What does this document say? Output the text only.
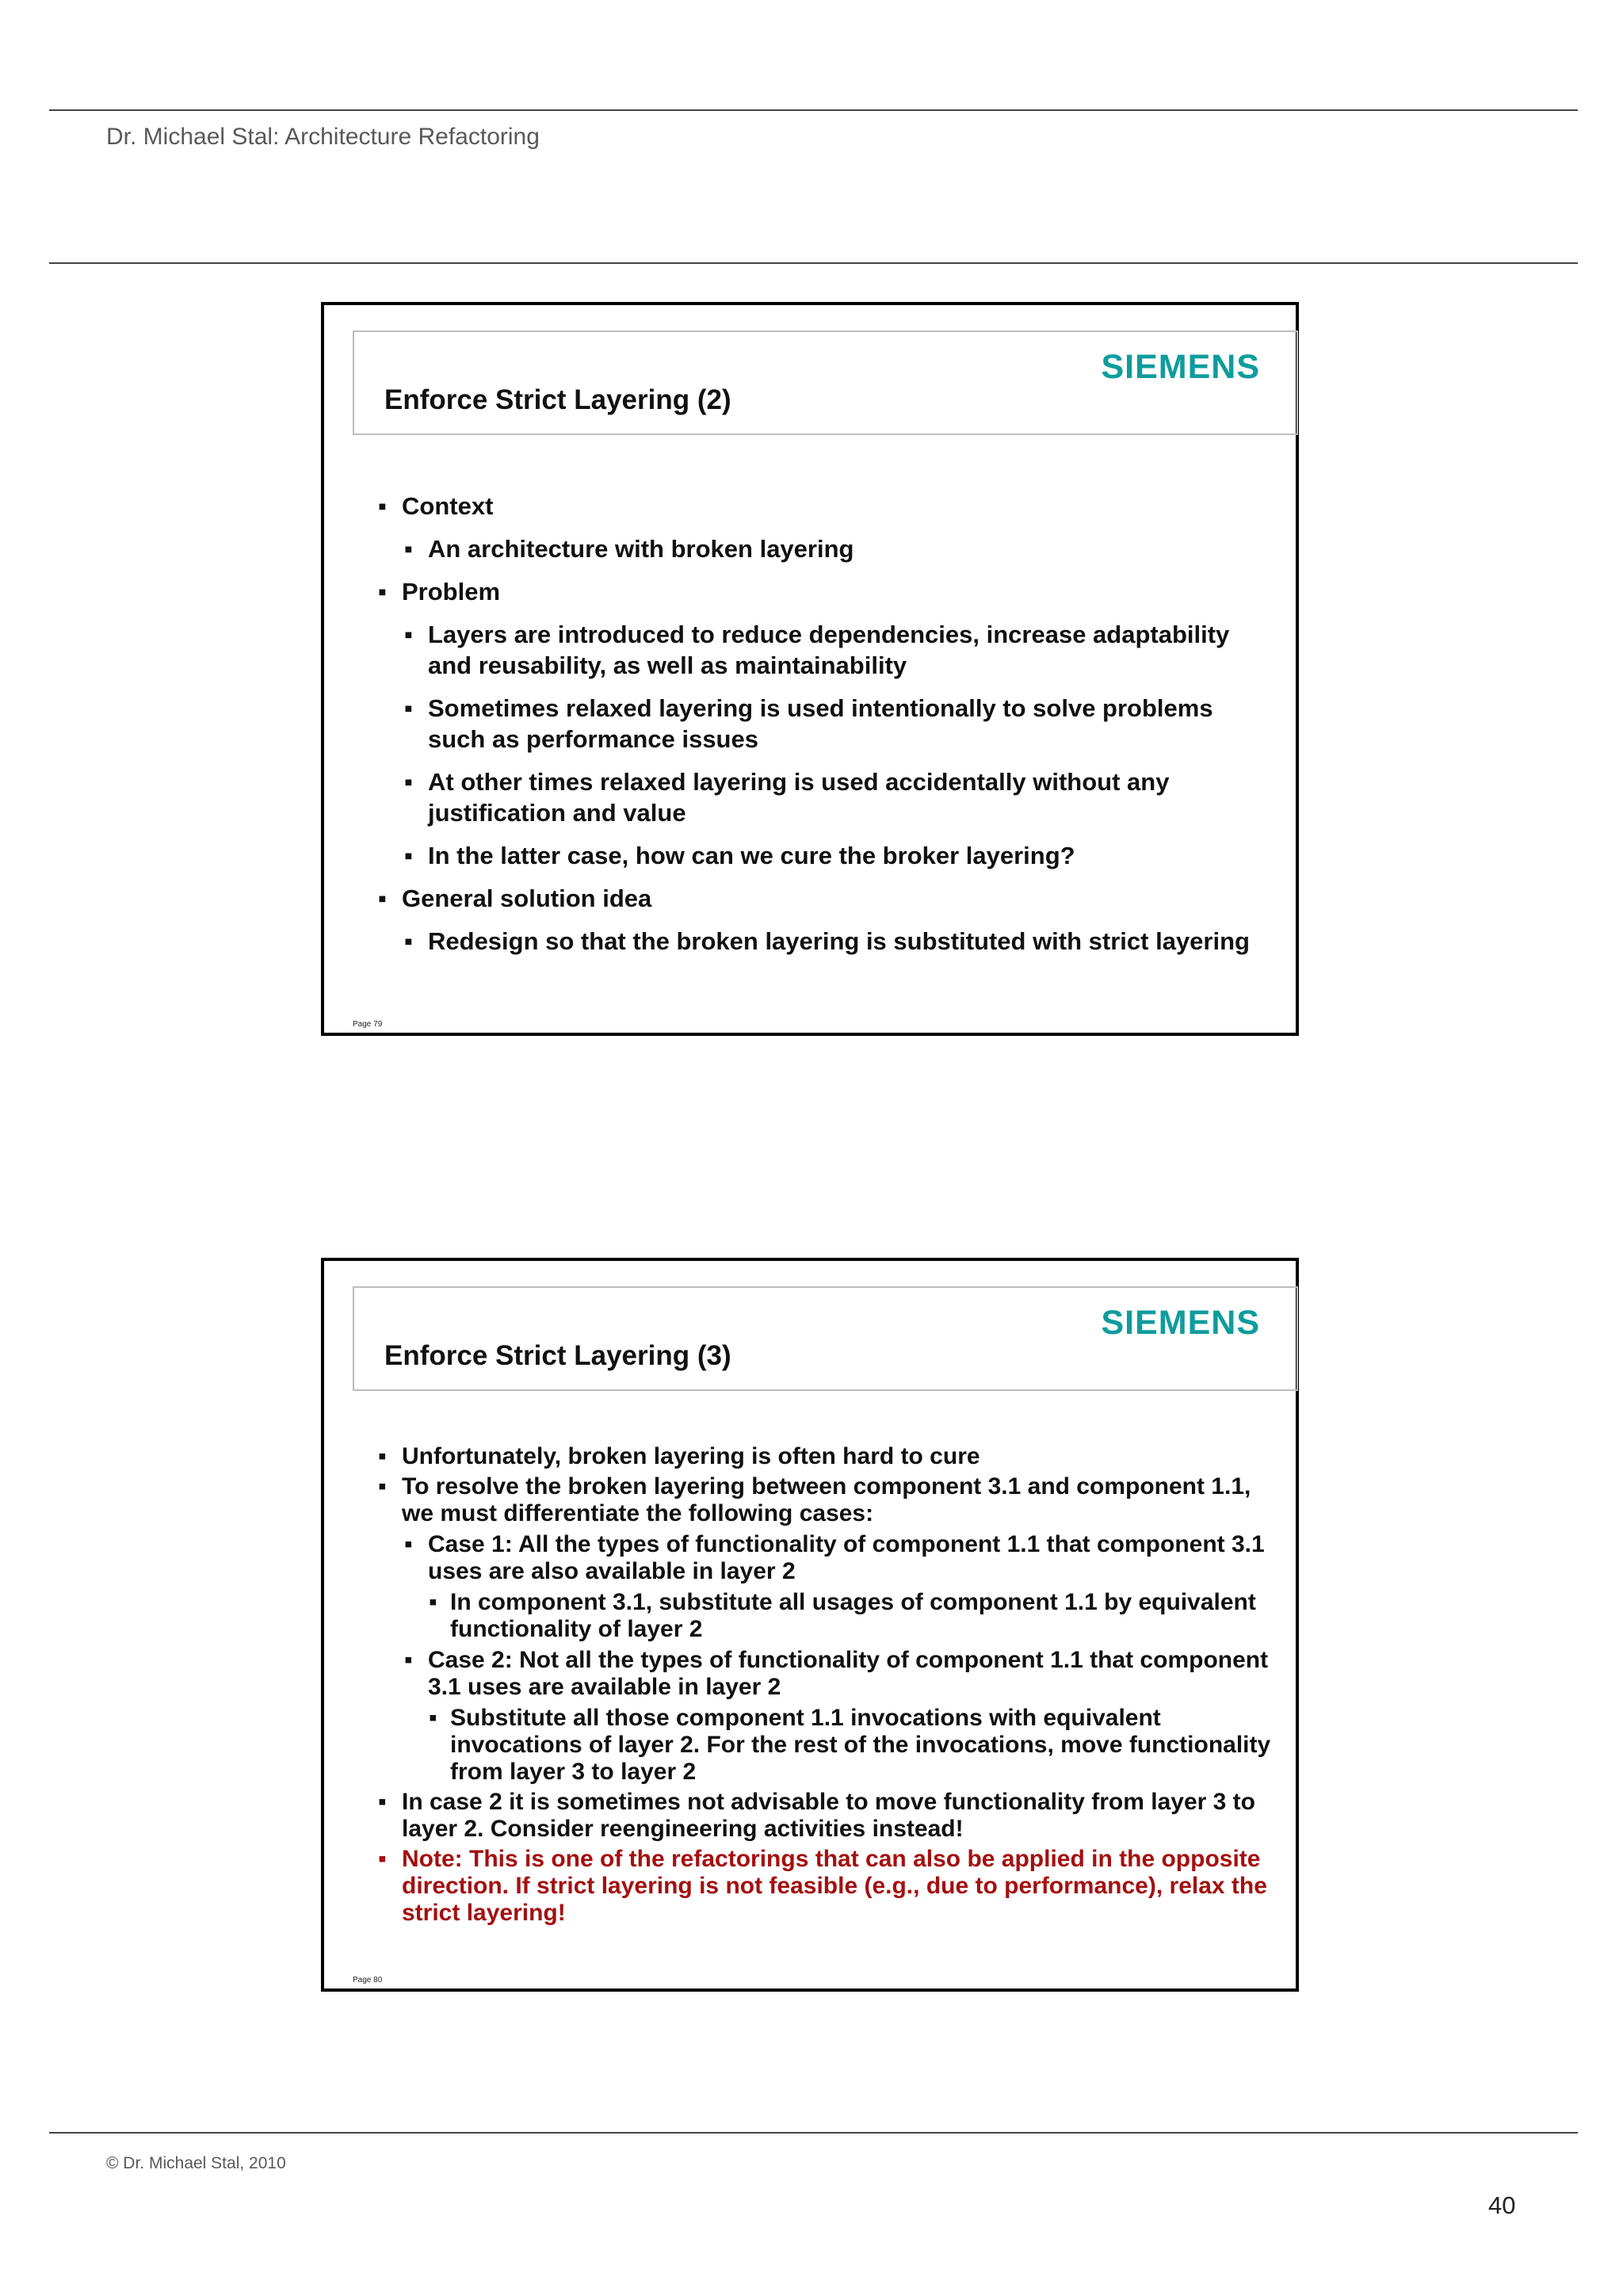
Dr. Michael Stal: Architecture Refactoring
Enforce Strict Layering (2)
SIEMENS
▪ Context
▪ An architecture with broken layering
▪ Problem
▪ Layers are introduced to reduce dependencies, increase adaptability and reusability, as well as maintainability
▪ Sometimes relaxed layering is used intentionally to solve problems such as performance issues
▪ At other times relaxed layering is used accidentally without any justification and value
▪ In the latter case, how can we cure the broker layering?
▪ General solution idea
▪ Redesign so that the broken layering is substituted with strict layering
Page 79
Enforce Strict Layering (3)
SIEMENS
▪ Unfortunately, broken layering is often hard to cure
▪ To resolve the broken layering between component 3.1 and component 1.1, we must differentiate the following cases:
▪ Case 1: All the types of functionality of component 1.1 that component 3.1 uses are also available in layer 2
▪ In component 3.1, substitute all usages of component 1.1 by equivalent functionality of layer 2
▪ Case 2: Not all the types of functionality of component 1.1 that component 3.1 uses are available in layer 2
▪ Substitute all those component 1.1 invocations with equivalent invocations of layer 2. For the rest of the invocations, move functionality from layer 3 to layer 2
▪ In case 2 it is sometimes not advisable to move functionality from layer 3 to layer 2. Consider reengineering activities instead!
▪ Note: This is one of the refactorings that can also be applied in the opposite direction. If strict layering is not feasible (e.g., due to performance), relax the strict layering!
Page 80
© Dr. Michael Stal, 2010
40
